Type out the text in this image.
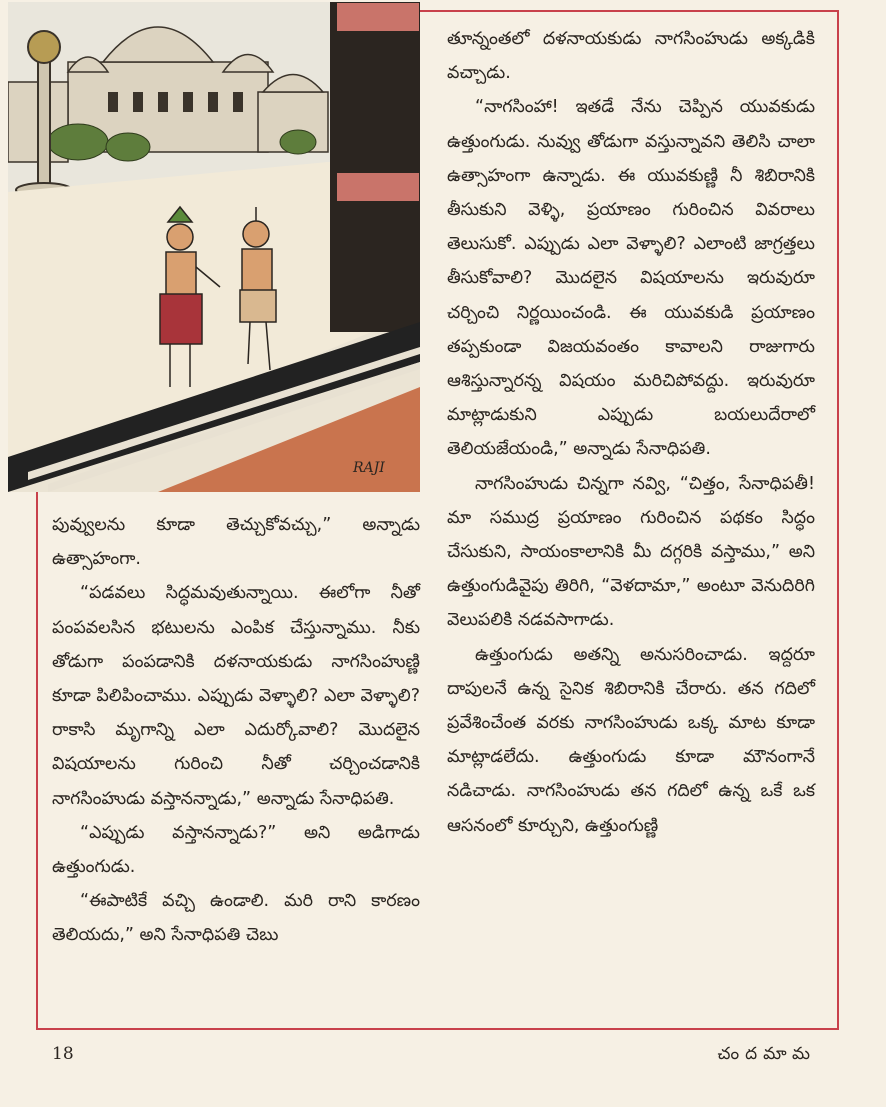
RAJI

తూన్నంతలో దళనాయకుడు నాగసింహుడు అక్కడికి వచ్చాడు.

“నాగసింహా! ఇతడే నేను చెప్పిన యువకుడు ఉత్తుంగుడు. నువ్వు తోడుగా వస్తున్నావని తెలిసి చాలా ఉత్సాహంగా ఉన్నాడు. ఈ యువకుణ్ణి నీ శిబిరానికి తీసుకుని వెళ్ళి, ప్రయాణం గురించిన వివరాలు తెలుసుకో. ఎప్పుడు ఎలా వెళ్ళాలి? ఎలాంటి జాగ్రత్తలు తీసుకోవాలి? మొదలైన విషయాలను ఇరువురూ చర్చించి నిర్ణయించండి. ఈ యువకుడి ప్రయాణం తప్పకుండా విజయవంతం కావాలని రాజుగారు ఆశిస్తున్నారన్న విషయం మరిచిపోవద్దు. ఇరువురూ మాట్లాడుకుని ఎప్పుడు బయలుదేరాలో తెలియజేయండి,” అన్నాడు సేనాధిపతి.

నాగసింహుడు చిన్నగా నవ్వి, “చిత్తం, సేనాధిపతీ! మా సముద్ర ప్రయాణం గురించిన పథకం సిద్ధం చేసుకుని, సాయంకాలానికి మీ దగ్గరికి వస్తాము,” అని ఉత్తుంగుడివైపు తిరిగి, “వెళదామా,” అంటూ వెనుదిరిగి వెలుపలికి నడవసాగాడు.

ఉత్తుంగుడు అతన్ని అనుసరించాడు. ఇద్దరూ దాపులనే ఉన్న సైనిక శిబిరానికి చేరారు. తన గదిలో ప్రవేశించేంత వరకు నాగసింహుడు ఒక్క మాట కూడా మాట్లాడలేదు. ఉత్తుంగుడు కూడా మౌనంగానే నడిచాడు. నాగసింహుడు తన గదిలో ఉన్న ఒకే ఒక ఆసనంలో కూర్చుని, ఉత్తుంగుణ్ణి

పువ్వులను కూడా తెచ్చుకోవచ్చు,” అన్నాడు ఉత్సాహంగా.

“పడవలు సిద్ధమవుతున్నాయి. ఈలోగా నీతో పంపవలసిన భటులను ఎంపిక చేస్తున్నాము. నీకు తోడుగా పంపడానికి దళనాయకుడు నాగసింహుణ్ణి కూడా పిలిపించాము. ఎప్పుడు వెళ్ళాలి? ఎలా వెళ్ళాలి? రాకాసి మృగాన్ని ఎలా ఎదుర్కోవాలి? మొదలైన విషయాలను గురించి నీతో చర్చించడానికి నాగసింహుడు వస్తానన్నాడు,” అన్నాడు సేనాధిపతి.

“ఎప్పుడు వస్తానన్నాడు?” అని అడిగాడు ఉత్తుంగుడు.

“ఈపాటికే వచ్చి ఉండాలి. మరి రాని కారణం తెలియదు,” అని సేనాధిపతి చెబు

18	చందమామ
